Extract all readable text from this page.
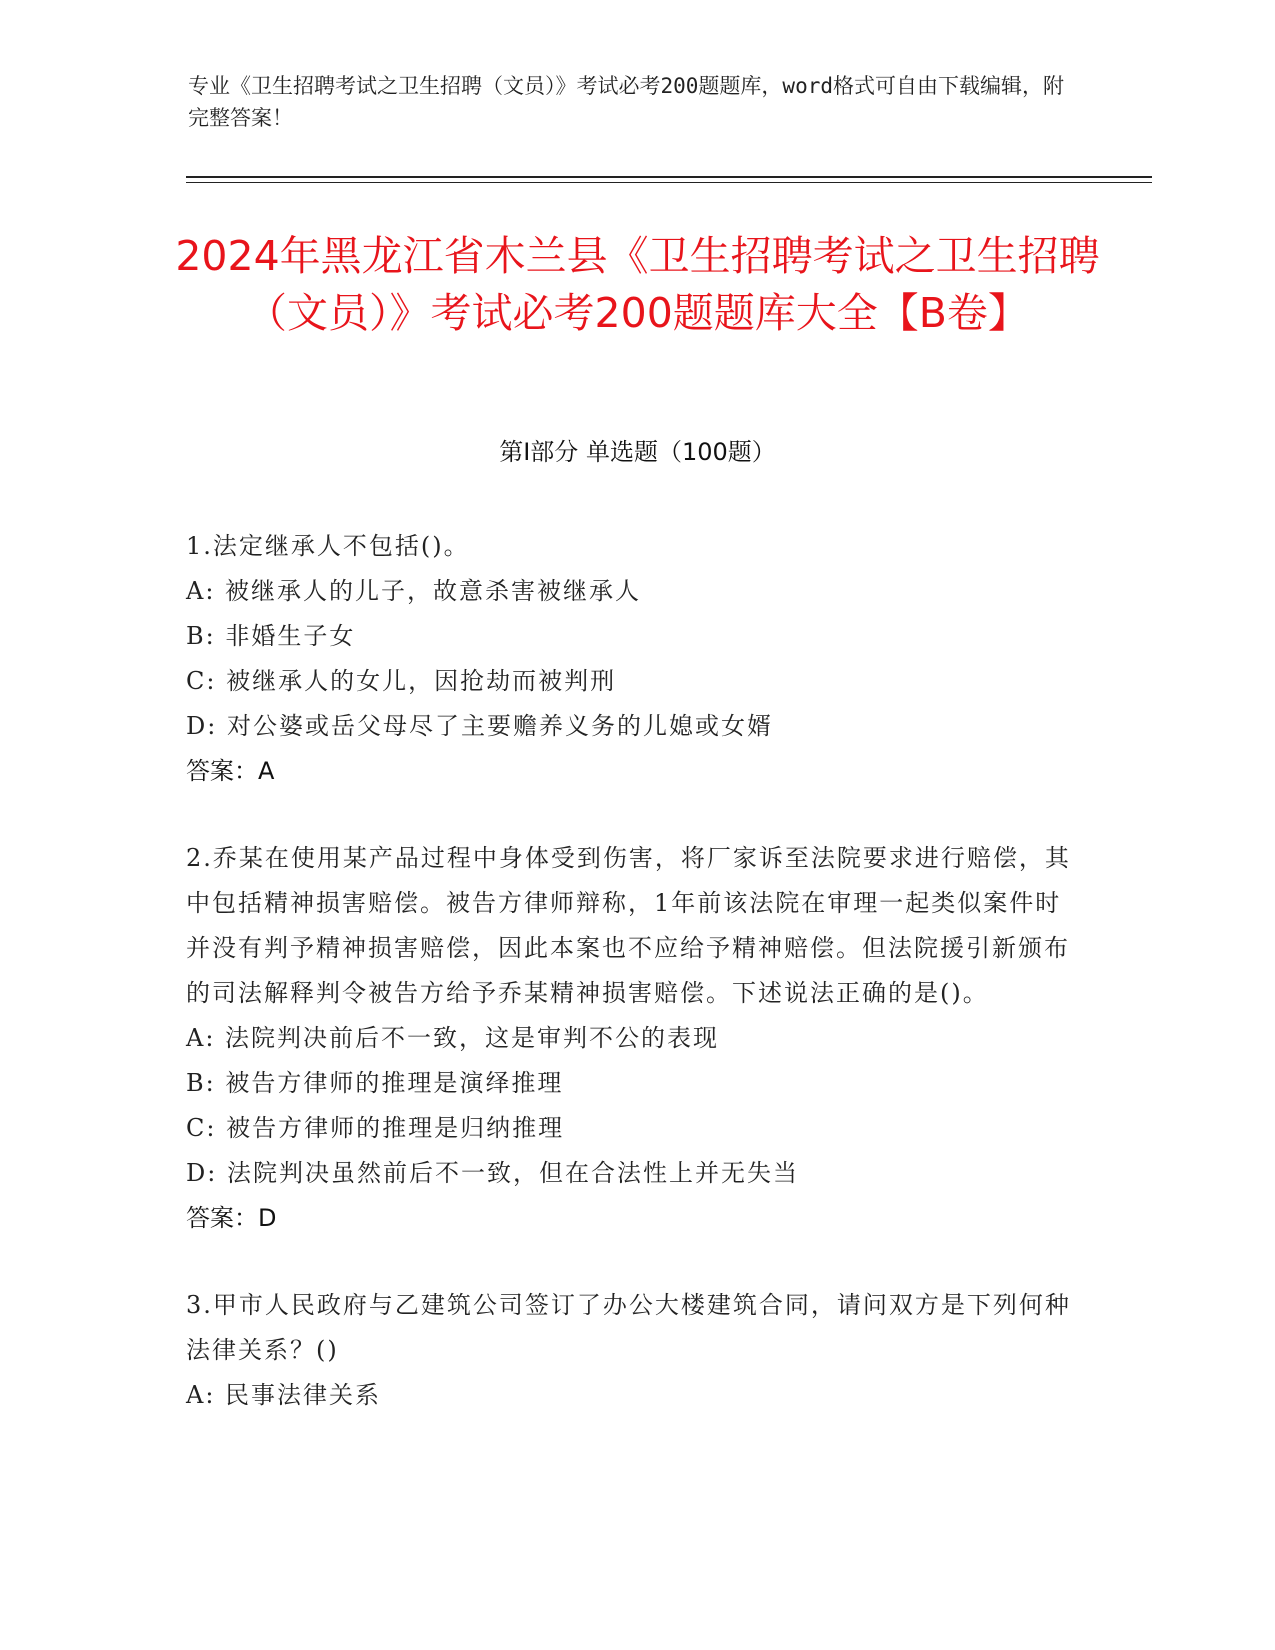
专业《卫生招聘考试之卫生招聘（文员）》考试必考200题题库，word格式可自由下载编辑，附完整答案！
2024年黑龙江省木兰县《卫生招聘考试之卫生招聘（文员）》考试必考200题题库大全【B卷】
第I部分 单选题（100题）
1.法定继承人不包括()。
A: 被继承人的儿子，故意杀害被继承人
B: 非婚生子女
C: 被继承人的女儿，因抢劫而被判刑
D: 对公婆或岳父母尽了主要赡养义务的儿媳或女婿
答案：A
2.乔某在使用某产品过程中身体受到伤害，将厂家诉至法院要求进行赔偿，其中包括精神损害赔偿。被告方律师辩称，1年前该法院在审理一起类似案件时并没有判予精神损害赔偿，因此本案也不应给予精神赔偿。但法院援引新颁布的司法解释判令被告方给予乔某精神损害赔偿。下述说法正确的是()。
A: 法院判决前后不一致，这是审判不公的表现
B: 被告方律师的推理是演绎推理
C: 被告方律师的推理是归纳推理
D: 法院判决虽然前后不一致，但在合法性上并无失当
答案：D
3.甲市人民政府与乙建筑公司签订了办公大楼建筑合同，请问双方是下列何种法律关系？()
A: 民事法律关系
